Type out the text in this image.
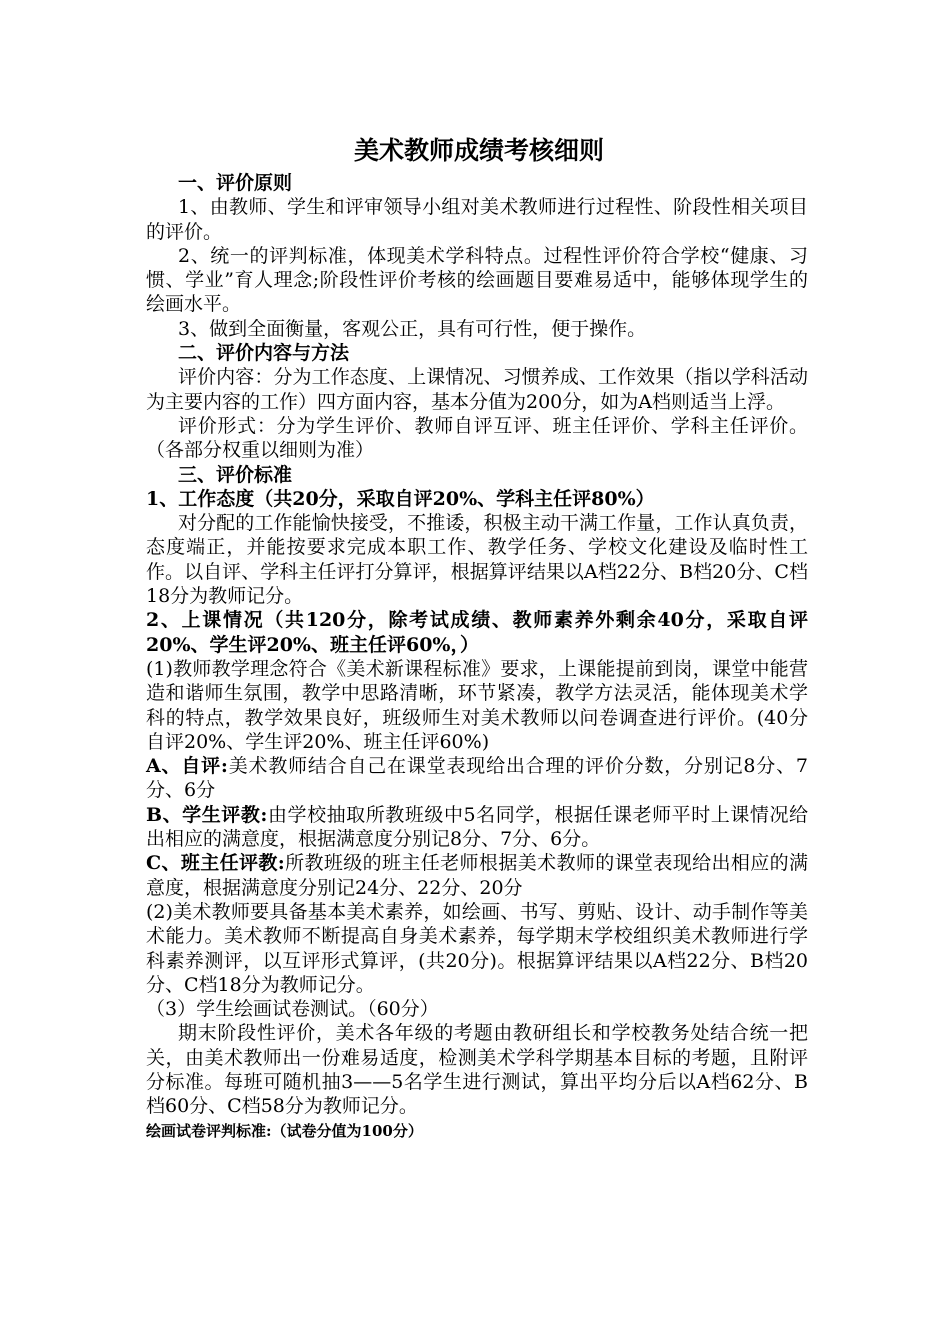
美术教师成绩考核细则

一、评价原则

1、由教师、学生和评审领导小组对美术教师进行过程性、阶段性相关项目的评价。

2、统一的评判标准，体现美术学科特点。过程性评价符合学校“健康、习惯、学业”育人理念;阶段性评价考核的绘画题目要难易适中，能够体现学生的绘画水平。

3、做到全面衡量，客观公正，具有可行性，便于操作。

二、评价内容与方法

评价内容：分为工作态度、上课情况、习惯养成、工作效果（指以学科活动为主要内容的工作）四方面内容，基本分值为200分，如为A档则适当上浮。

评价形式：分为学生评价、教师自评互评、班主任评价、学科主任评价。（各部分权重以细则为准）

三、评价标准

1、工作态度（共20分，采取自评20%、学科主任评80%）

对分配的工作能愉快接受，不推诿，积极主动干满工作量，工作认真负责，态度端正，并能按要求完成本职工作、教学任务、学校文化建设及临时性工作。以自评、学科主任评打分算评，根据算评结果以A档22分、B档20分、C档18分为教师记分。

2、上课情况（共120分，除考试成绩、教师素养外剩余40分，采取自评20%、学生评20%、班主任评60%，）

(1)教师教学理念符合《美术新课程标准》要求，上课能提前到岗，课堂中能营造和谐师生氛围，教学中思路清晰，环节紧凑，教学方法灵活，能体现美术学科的特点，教学效果良好，班级师生对美术教师以问卷调查进行评价。(40分 自评20%、学生评20%、班主任评60%)

A、自评:美术教师结合自己在课堂表现给出合理的评价分数，分别记8分、7分、6分

B、学生评教:由学校抽取所教班级中5名同学，根据任课老师平时上课情况给出相应的满意度，根据满意度分别记8分、7分、6分。

C、班主任评教:所教班级的班主任老师根据美术教师的课堂表现给出相应的满意度，根据满意度分别记24分、22分、20分

(2)美术教师要具备基本美术素养，如绘画、书写、剪贴、设计、动手制作等美术能力。美术教师不断提高自身美术素养，每学期末学校组织美术教师进行学科素养测评，以互评形式算评，(共20分)。根据算评结果以A档22分、B档20分、C档18分为教师记分。

（3）学生绘画试卷测试。（60分）

期末阶段性评价，美术各年级的考题由教研组长和学校教务处结合统一把关，由美术教师出一份难易适度，检测美术学科学期基本目标的考题，且附评分标准。每班可随机抽3——5名学生进行测试，算出平均分后以A档62分、B档60分、C档58分为教师记分。

绘画试卷评判标准:（试卷分值为100分）
